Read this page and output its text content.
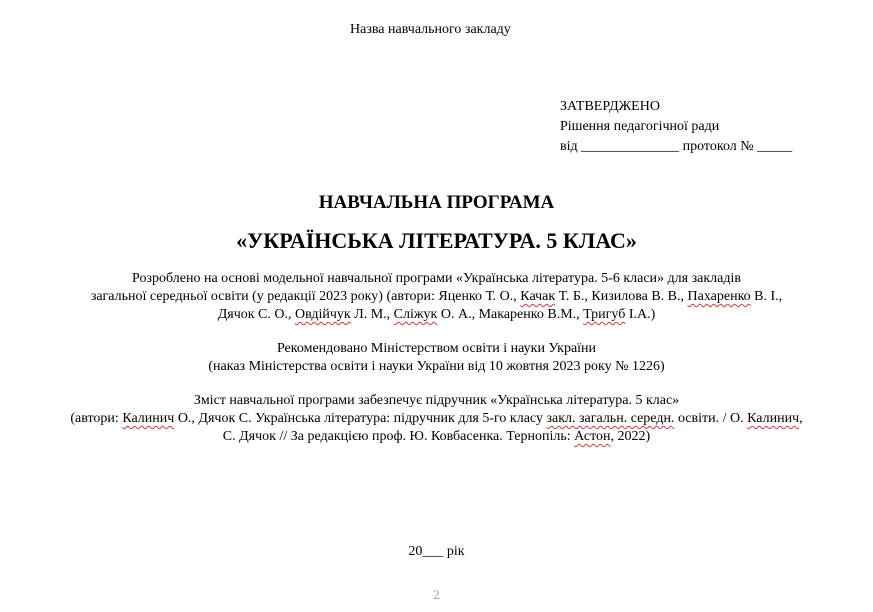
Назва навчального закладу
ЗАТВЕРДЖЕНО
Рішення педагогічної ради
від ______________ протокол № _____
НАВЧАЛЬНА ПРОГРАМА
«УКРАЇНСЬКА ЛІТЕРАТУРА. 5 КЛАС»
Розроблено на основі модельної навчальної програми «Українська література. 5-6 класи» для закладів
загальної середньої освіти (у редакції 2023 року) (автори: Яценко Т. О., Качак Т. Б., Кизилова В. В., Пахаренко В. І.,
Дячок С. О., Овдійчук Л. М., Сліжук О. А., Макаренко В.М., Тригуб І.А.)
Рекомендовано Міністерством освіти і науки України
(наказ Міністерства освіти і науки України від 10 жовтня 2023 року № 1226)
Зміст навчальної програми забезпечує підручник «Українська література. 5 клас»
(автори: Калинич О., Дячок С. Українська література: підручник для 5-го класу закл. загальн. середн. освіти. / О. Калинич,
С. Дячок // За редакцією проф. Ю. Ковбасенка. Тернопіль: Астон, 2022)
20___ рік
2
